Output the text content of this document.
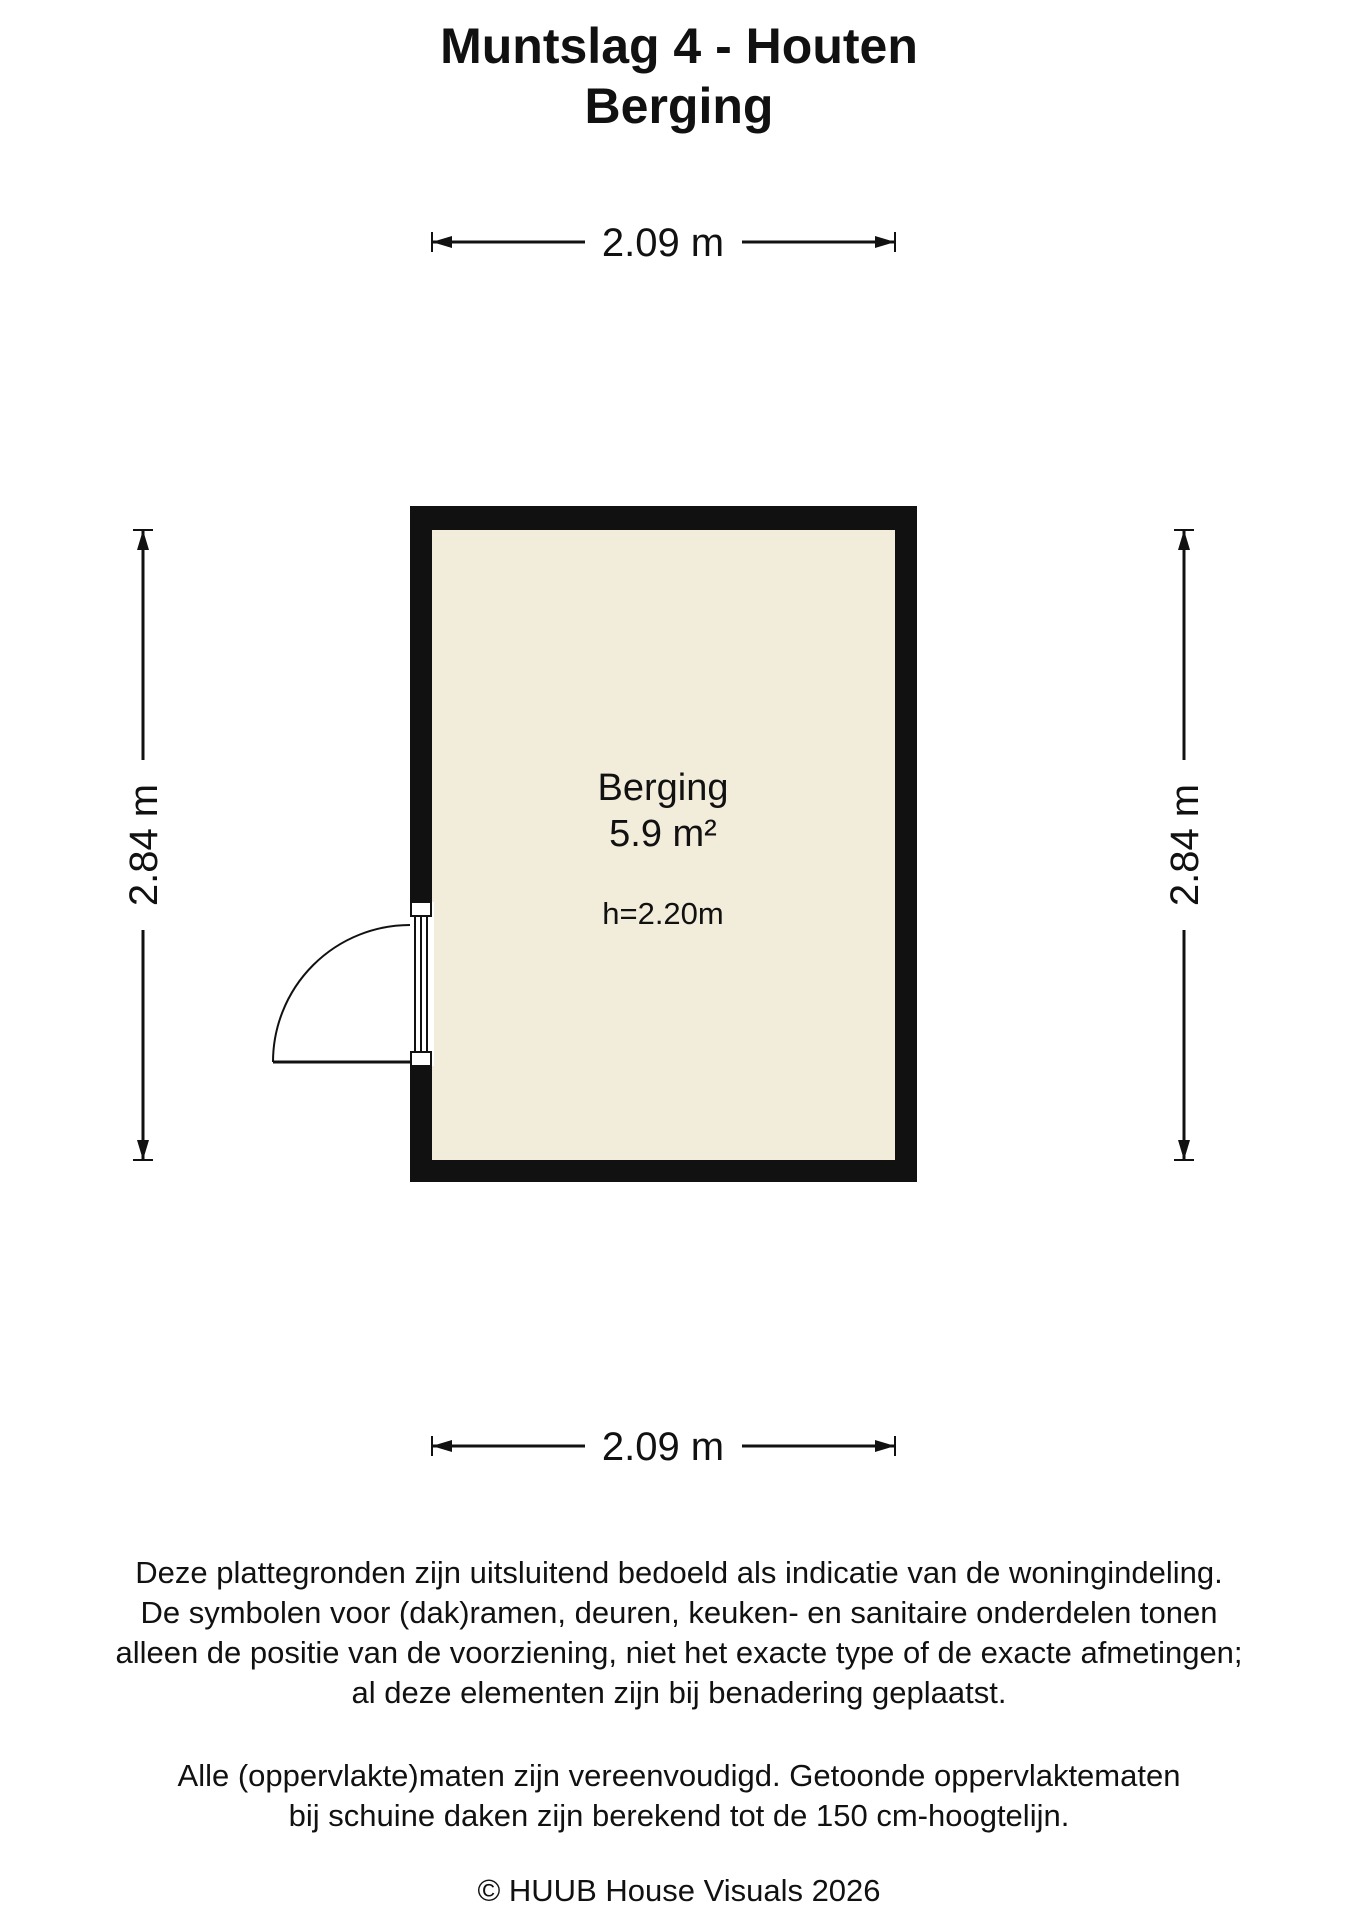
Muntslag 4 - Houten
Berging
2.09 m
2.09 m
2.84 m	2.84 m
Berging
5.9 m²
h=2.20m

Deze plattegronden zijn uitsluitend bedoeld als indicatie van de woningindeling.

De symbolen voor (dak)ramen, deuren, keuken- en sanitaire onderdelen tonen

alleen de positie van de voorziening, niet het exacte type of de exacte afmetingen;

al deze elementen zijn bij benadering geplaatst.

Alle (oppervlakte)maten zijn vereenvoudigd. Getoonde oppervlaktematen

bij schuine daken zijn berekend tot de 150 cm-hoogtelijn.

© HUUB House Visuals 2026
